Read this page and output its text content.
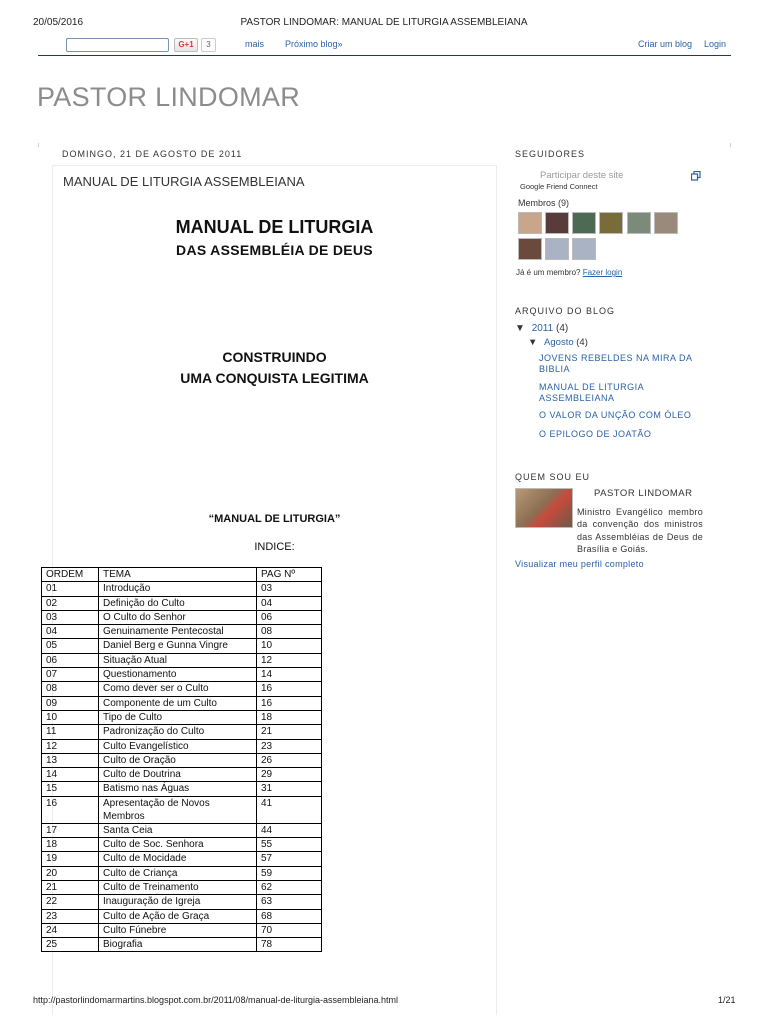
20/05/2016	PASTOR LINDOMAR: MANUAL DE LITURGIA ASSEMBLEIANA
G+1	3	mais Próximo blog»	Criar um blog Login
PASTOR LINDOMAR
DOMINGO, 21 DE AGOSTO DE 2011
MANUAL DE LITURGIA ASSEMBLEIANA
MANUAL DE LITURGIA
DAS ASSEMBLÉIA DE DEUS
CONSTRUINDO
UMA CONQUISTA LEGITIMA
“MANUAL DE LITURGIA”
INDICE:
ORDEM	TEMA	PAG Nº
01	Introdução	03
02	Definição do Culto	04
03	O Culto do Senhor	06
04	Genuinamente Pentecostal	08
05	Daniel Berg e Gunna Vingre	10
06	Situação Atual	12
07	Questionamento	14
08	Como dever ser o Culto	16
09	Componente de um Culto	16
10	Tipo de Culto	18
11	Padronização do Culto	21
12	Culto Evangelístico	23
13	Culto de Oração	26
14	Culto de Doutrina	29
15	Batismo nas Águas	31
16	Apresentação de Novos Membros	41
17	Santa Ceia	44
18	Culto de Soc. Senhora	55
19	Culto de Mocidade	57
20	Culto de Criança	59
21	Culto de Treinamento	62
22	Inauguração de Igreja	63
23	Culto de Ação de Graça	68
24	Culto Fúnebre	70
25	Biografia	78
SEGUIDORES
Participar deste site
Google Friend Connect
Membros (9)
Já é um membro? Fazer login
ARQUIVO DO BLOG
▼ 2011 (4)
▼ Agosto (4)
JOVENS REBELDES NA MIRA DA BIBLIA
MANUAL DE LITURGIA ASSEMBLEIANA
O VALOR DA UNÇÃO COM ÓLEO
O EPILOGO DE JOATÃO
QUEM SOU EU
PASTOR LINDOMAR
Ministro Evangélico membro da convenção dos ministros das Assembléias de Deus de Brasília e Goiás.
Visualizar meu perfil completo
http://pastorlindomarmartins.blogspot.com.br/2011/08/manual-de-liturgia-assembleiana.html	1/21
